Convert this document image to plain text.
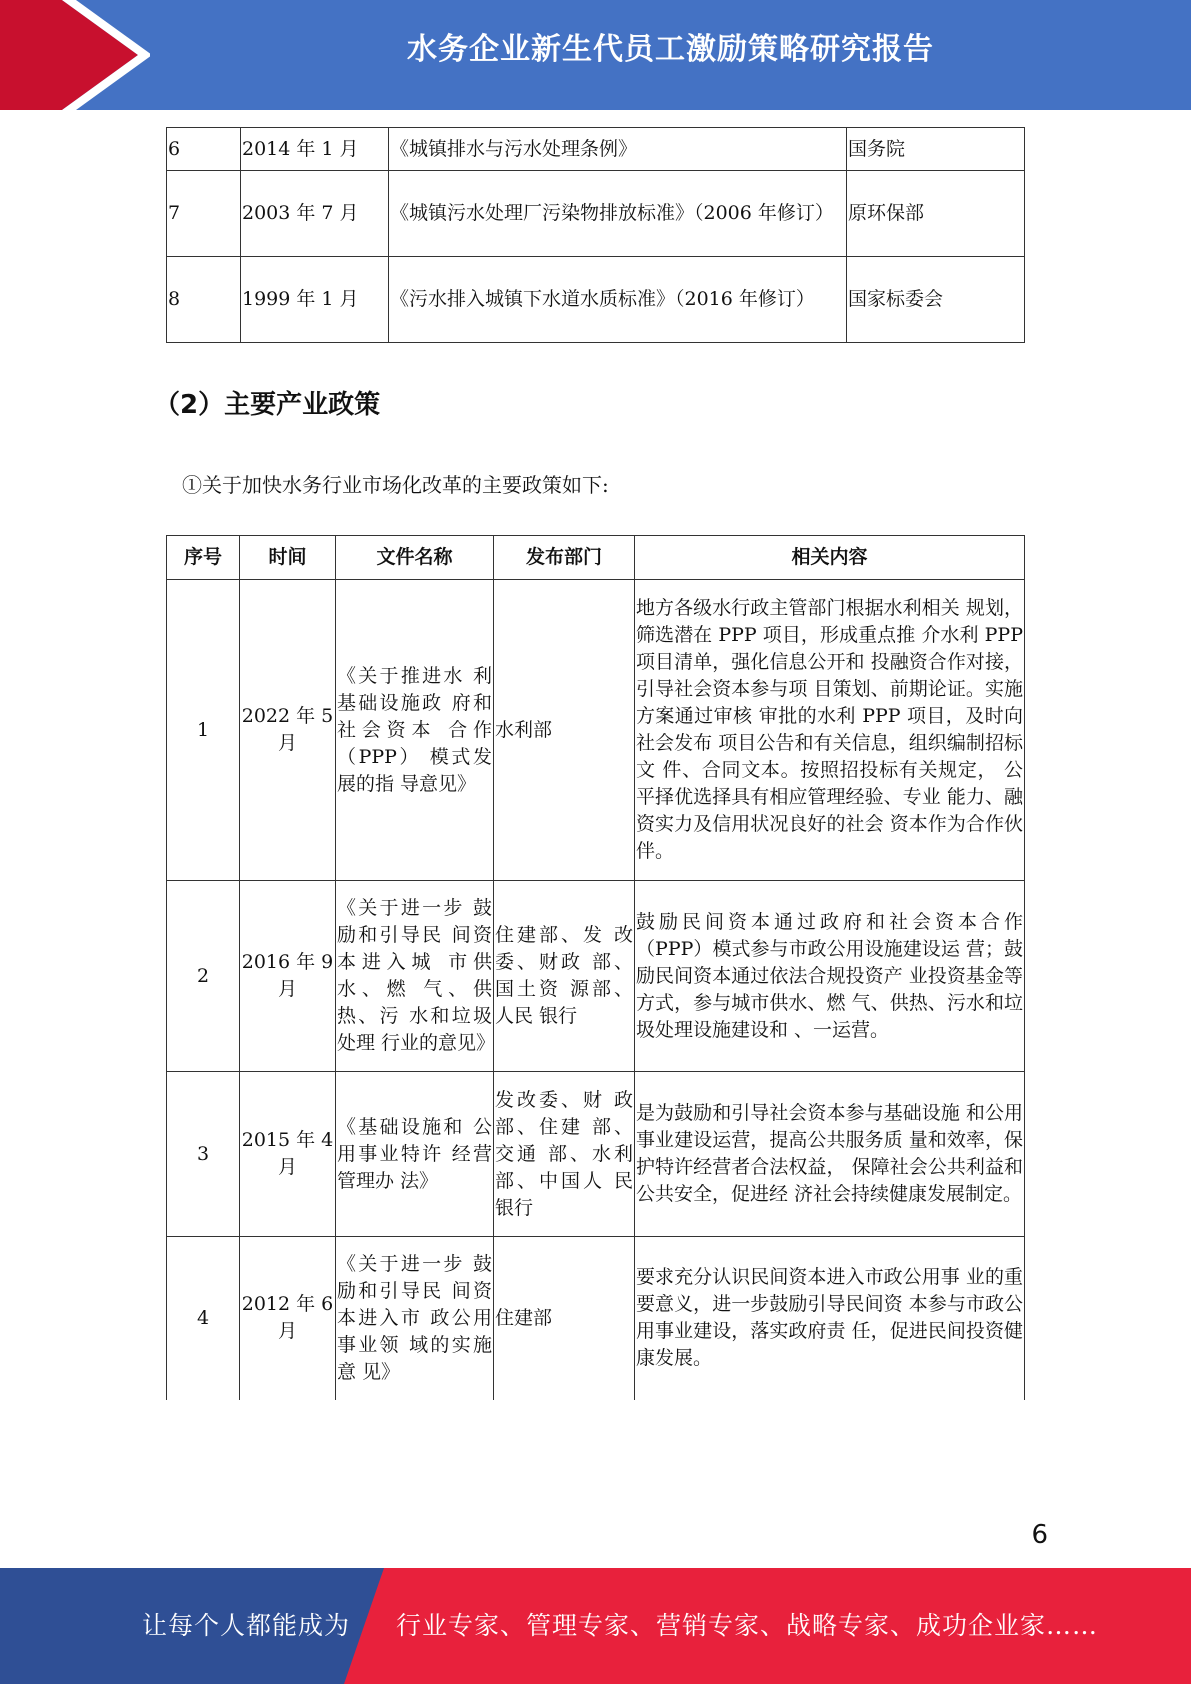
水务企业新生代员工激励策略研究报告
6	2014 年 1 月	《城镇排水与污水处理条例》	国务院
7	2003 年 7 月	《城镇污水处理厂污染物排放标准》（2006 年修订）	原环保部
8	1999 年 1 月	《污水排入城镇下水道水质标准》（2016 年修订）	国家标委会
（2）主要产业政策
①关于加快水务行业市场化改革的主要政策如下:
序号	时间	文件名称	发布部门	相关内容
1	2022 年 5 月	《关于推进水 利基础设施政 府和社会资本 合作（PPP） 模式发展的指 导意见》	水利部	地方各级水行政主管部门根据水利相关 规划，筛选潜在 PPP 项目，形成重点推 介水利 PPP 项目清单，强化信息公开和 投融资合作对接，引导社会资本参与项 目策划、前期论证。实施方案通过审核 审批的水利 PPP 项目，及时向社会发布 项目公告和有关信息，组织编制招标文 件、合同文本。按照招投标有关规定， 公平择优选择具有相应管理经验、专业 能力、融资实力及信用状况良好的社会 资本作为合作伙伴。
2	2016 年 9 月	《关于进一步 鼓励和引导民 间资本进入城 市供水、燃 气、供热、污 水和垃圾处理 行业的意见》	住建部、发 改委、财政 部、国土资 源部、人民 银行	鼓励民间资本通过政府和社会资本合作（PPP）模式参与市政公用设施建设运 营；鼓励民间资本通过依法合规投资产 业投资基金等方式，参与城市供水、燃 气、供热、污水和垃圾处理设施建设和 、一运营。
3	2015 年 4 月	《基础设施和 公用事业特许 经营管理办 法》	发改委、财 政部、住建 部、交通 部、水利部、中国人 民银行	是为鼓励和引导社会资本参与基础设施 和公用事业建设运营，提高公共服务质 量和效率，保护特许经营者合法权益， 保障社会公共利益和公共安全，促进经 济社会持续健康发展制定。
4	2012 年 6 月	《关于进一步 鼓励和引导民 间资本进入市 政公用事业领 域的实施意 见》	住建部	要求充分认识民间资本进入市政公用事 业的重要意义，进一步鼓励引导民间资 本参与市政公用事业建设，落实政府责 任，促进民间投资健康发展。
6
让每个人都能成为 行业专家、管理专家、营销专家、战略专家、成功企业家……
